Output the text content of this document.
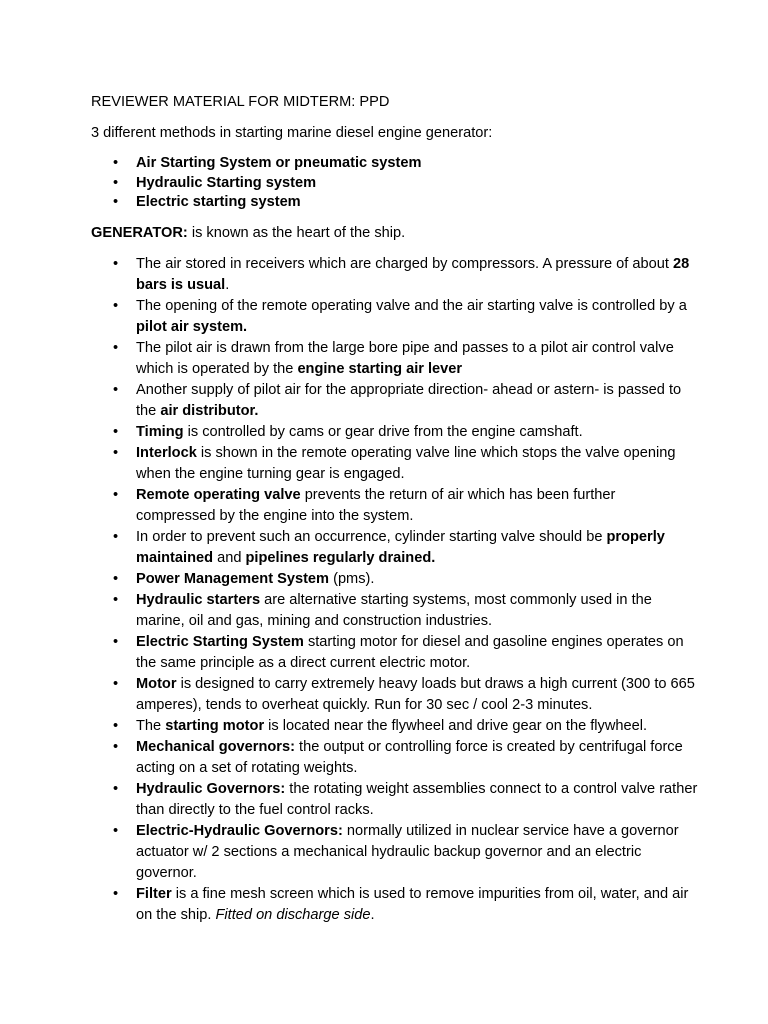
REVIEWER MATERIAL FOR MIDTERM: PPD

3 different methods in starting marine diesel engine generator:

• Air Starting System or pneumatic system
• Hydraulic Starting system
• Electric starting system

GENERATOR: is known as the heart of the ship.

• The air stored in receivers which are charged by compressors. A pressure of about 28 bars is usual.
• The opening of the remote operating valve and the air starting valve is controlled by a pilot air system.
• The pilot air is drawn from the large bore pipe and passes to a pilot air control valve which is operated by the engine starting air lever
• Another supply of pilot air for the appropriate direction- ahead or astern- is passed to the air distributor.
• Timing is controlled by cams or gear drive from the engine camshaft.
• Interlock is shown in the remote operating valve line which stops the valve opening when the engine turning gear is engaged.
• Remote operating valve prevents the return of air which has been further compressed by the engine into the system.
• In order to prevent such an occurrence, cylinder starting valve should be properly maintained and pipelines regularly drained.
• Power Management System (pms).
• Hydraulic starters are alternative starting systems, most commonly used in the marine, oil and gas, mining and construction industries.
• Electric Starting System starting motor for diesel and gasoline engines operates on the same principle as a direct current electric motor.
• Motor is designed to carry extremely heavy loads but draws a high current (300 to 665 amperes), tends to overheat quickly. Run for 30 sec / cool 2-3 minutes.
• The starting motor is located near the flywheel and drive gear on the flywheel.
• Mechanical governors: the output or controlling force is created by centrifugal force acting on a set of rotating weights.
• Hydraulic Governors: the rotating weight assemblies connect to a control valve rather than directly to the fuel control racks.
• Electric-Hydraulic Governors: normally utilized in nuclear service have a governor actuator w/ 2 sections a mechanical hydraulic backup governor and an electric governor.
• Filter is a fine mesh screen which is used to remove impurities from oil, water, and air on the ship. Fitted on discharge side.
